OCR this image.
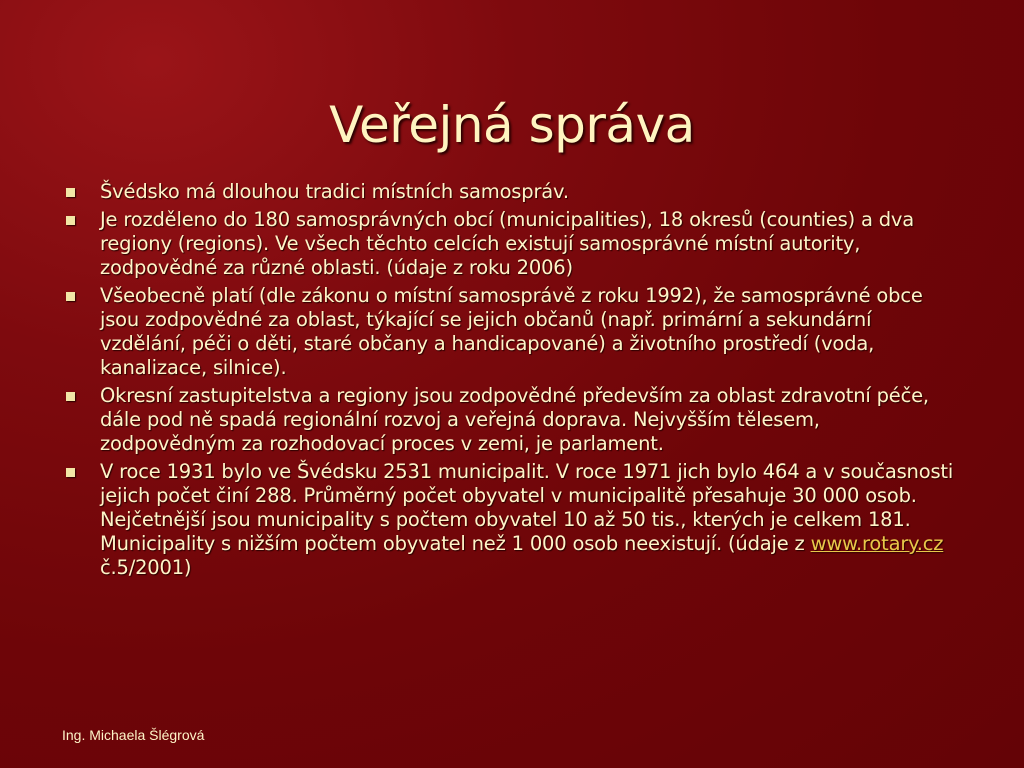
Veřejná správa
Švédsko má dlouhou tradici místních samospráv.
Je rozděleno do 180 samosprávných obcí (municipalities), 18 okresů (counties) a dva regiony (regions). Ve všech těchto celcích existují samosprávné místní autority, zodpovědné za různé oblasti. (údaje z roku 2006)
Všeobecně platí (dle zákonu o místní samosprávě z roku 1992), že samosprávné obce jsou zodpovědné za oblast, týkající se jejich občanů (např. primární a sekundární vzdělání, péči o děti, staré občany a handicapované) a životního prostředí (voda, kanalizace, silnice).
Okresní zastupitelstva a regiony jsou zodpovědné především za oblast zdravotní péče, dále pod ně spadá regionální rozvoj a veřejná doprava. Nejvyšším tělesem, zodpovědným za rozhodovací proces v zemi, je parlament.
V roce 1931 bylo ve Švédsku 2531 municipalit. V roce 1971 jich bylo 464 a v současnosti jejich počet činí 288. Průměrný počet obyvatel v municipalitě přesahuje 30 000 osob. Nejčetnější jsou municipality s počtem obyvatel 10 až 50 tis., kterých je celkem 181. Municipality s nižším počtem obyvatel než 1 000 osob neexistují. (údaje z www.rotary.cz č.5/2001)
Ing. Michaela Šlégrová
